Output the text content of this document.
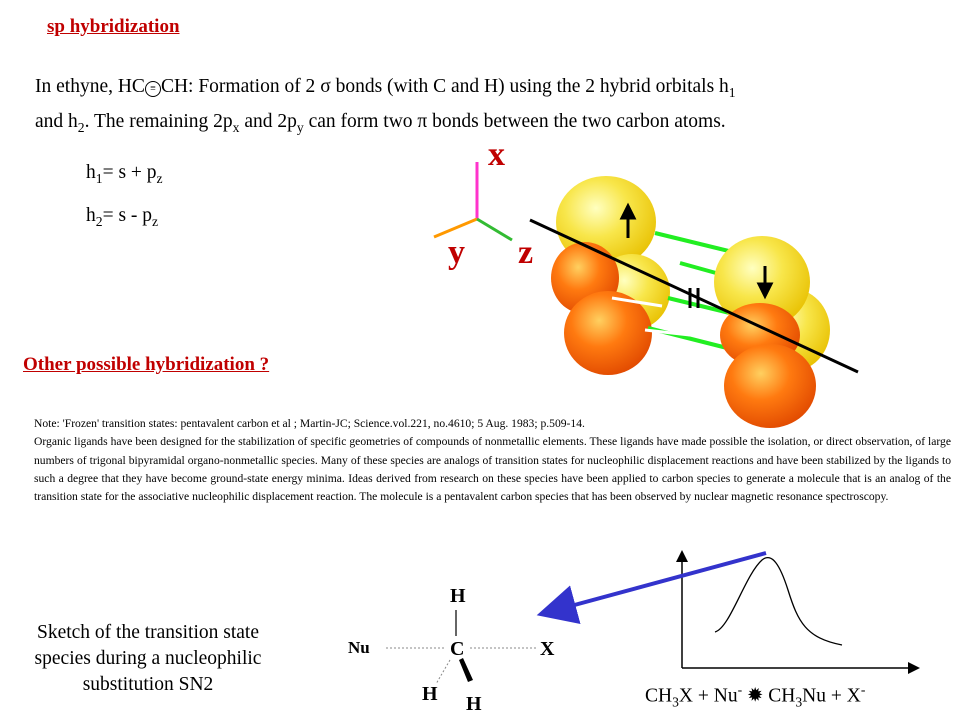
sp hybridization
In ethyne, HC ≡ CH: Formation of 2 σ bonds (with C and H) using the 2 hybrid orbitals $h_1$
and $h_2$. The remaining $2p_x$ and $2p_y$ can form two π bonds between the two carbon atoms.
$h_1= s + p_z$
$h_2= s - p_z$
x
y z
H
C
Nu	X
H H
Other possible hybridization ?

Note: 'Frozen' transition states: pentavalent carbon et al ; Martin-JC; Science.vol.221, no.4610; 5 Aug. 1983; p.509-14.

Organic ligands have been designed for the stabilization of specific geometries of compounds of nonmetallic elements. These ligands have made possible the isolation, or direct observation, of large numbers of trigonal bipyramidal organo-nonmetallic species. Many of these species are analogs of transition states for nucleophilic displacement reactions and have been stabilized by the ligands to such a degree that they have become ground-state energy minima. Ideas derived from research on these species have been applied to carbon species to generate a molecule that is an analog of the transition state for the associative nucleophilic displacement reaction. The molecule is a pentavalent carbon species that has been observed by nuclear magnetic resonance spectroscopy.

Sketch of the transition state
species during a nucleophilic
substitution SN2
$CH_3X + Nu^-$ ✹ $CH_3Nu + X^-$
